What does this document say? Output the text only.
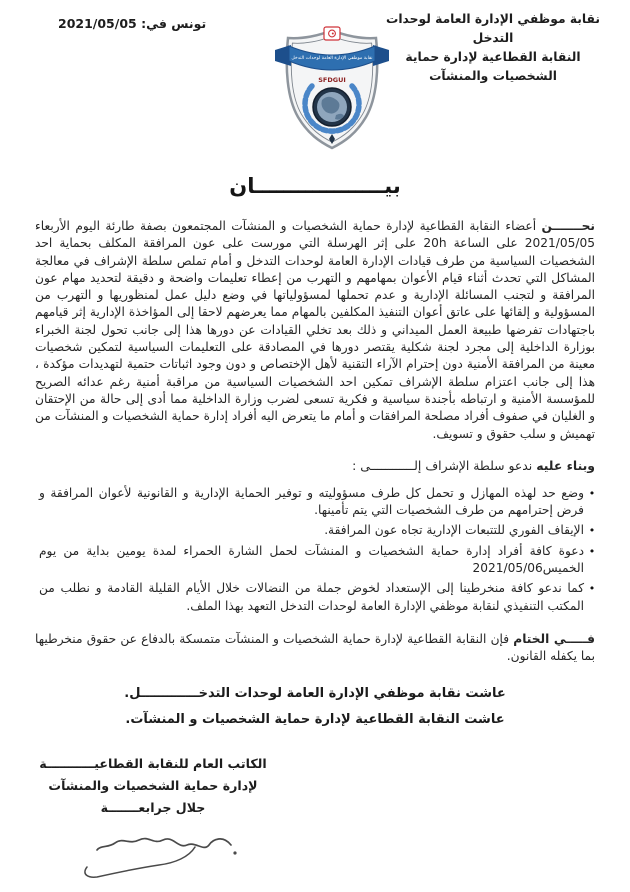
تونس في: 2021/05/05	نقابة موظفي الإدارة العامة لوحدات التدخل
النقابة القطاعية لإدارة حماية
الشخصيات والمنشآت
نقابة موظفي الإدارة العامة لوحدات التدخل
SFDGUI
بيــــــــــــــــــان

نحـــــــن أعضاء النقابة القطاعية لإدارة حماية الشخصيات و المنشآت المجتمعون بصفة طارئة اليوم الأربعاء 2021/05/05 على الساعة 20h على إثر الهرسلة التي مورست على عون المرافقة المكلف بحماية احد الشخصيات السياسية من طرف قيادات الإدارة العامة لوحدات التدخل و أمام تملص سلطة الإشراف في معالجة المشاكل التي تحدث أثناء قيام الأعوان بمهامهم و التهرب من إعطاء تعليمات واضحة و دقيقة لتحديد مهام عون المرافقة و لتجنب المسائلة الإدارية و عدم تحملها لمسؤولياتها في وضع دليل عمل لمنظوريها و التهرب من المسؤولية و إلقائها على عاتق أعوان التنفيذ المكلفين بالمهام مما يعرضهم لاحقا إلى المؤاخذة الإدارية إثر قيامهم باجتهادات تفرضها طبيعة العمل الميداني و ذلك بعد تخلي القيادات عن دورها هذا إلى جانب تحول لجنة الخبراء بوزارة الداخلية إلى مجرد لجنة شكلية يقتصر دورها في المصادقة على التعليمات السياسية لتمكين شخصيات معينة من المرافقة الأمنية دون إحترام الآراء التقنية لأهل الإختصاص و دون وجود اثباتات حتمية لتهديدات مؤكدة ، هذا إلى جانب اعتزام سلطة الإشراف تمكين احد الشخصيات السياسية من مراقبة أمنية رغم عدائه الصريح للمؤسسة الأمنية و ارتباطه بأجندة سياسية و فكرية تسعى لضرب وزارة الداخلية مما أدى إلى حالة من الإحتقان و الغليان في صفوف أفراد مصلحة المرافقات و أمام ما يتعرض اليه أفراد إدارة حماية الشخصيات و المنشآت من تهميش و سلب حقوق و تسويف.

وبناء عليه ندعو سلطة الإشراف إلــــــــــــى :

•
وضع حد لهذه المهازل و تحمل كل طرف مسؤوليته و توفير الحماية الإدارية و القانونية لأعوان المرافقة و فرض إحترامهم من طرف الشخصيات التي يتم تأمينها.
•
الإيقاف الفوري للتتبعات الإدارية تجاه عون المرافقة.
•
دعوة كافة أفراد إدارة حماية الشخصيات و المنشآت لحمل الشارة الحمراء لمدة يومين بداية من يوم الخميس2021/05/06
•
كما ندعو كافة منخرطينا إلى الإستعداد لخوض جملة من النضالات خلال الأيام القليلة القادمة و نطلب من المكتب التنفيذي لنقابة موظفي الإدارة العامة لوحدات التدخل التعهد بهذا الملف.

فـــــي الختام فإن النقابة القطاعية لإدارة حماية الشخصيات و المنشآت متمسكة بالدفاع عن حقوق منخرطيها بما يكفله القانون.

عاشت نقابة موظفي الإدارة العامة لوحدات التدخـــــــــــــل.
عاشت النقابة القطاعية لإدارة حماية الشخصيات و المنشآت.
الكاتب العام للنقابة القطاعيـــــــــــة
لإدارة حماية الشخصيات والمنشآت
جلال جرابعـــــــة
